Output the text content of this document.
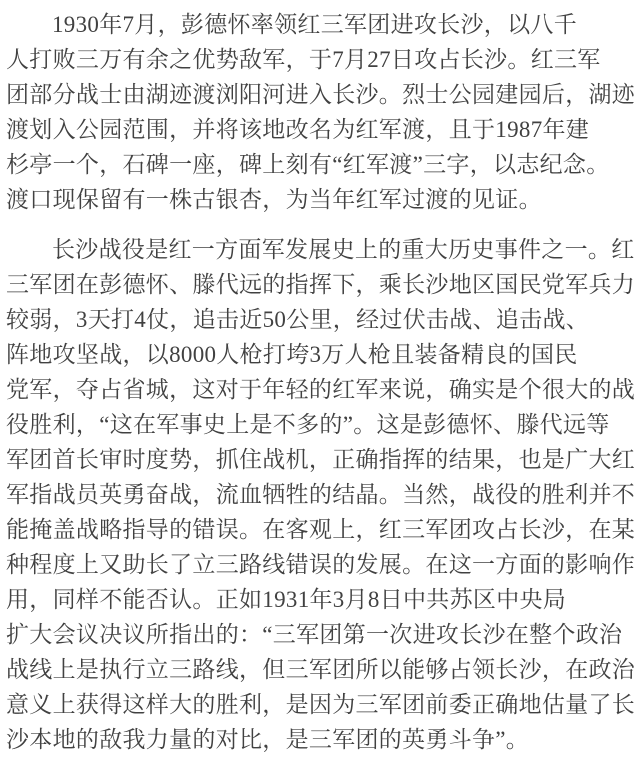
1930年7月，彭德怀率领红三军团进攻长沙，以八千
人打败三万有余之优势敌军，于7月27日攻占长沙。红三军
团部分战士由湖迹渡浏阳河进入长沙。烈士公园建园后，湖迹
渡划入公园范围，并将该地改名为红军渡，且于1987年建
杉亭一个，石碑一座，碑上刻有“红军渡”三字，以志纪念。
渡口现保留有一株古银杏，为当年红军过渡的见证。

长沙战役是红一方面军发展史上的重大历史事件之一。红
三军团在彭德怀、滕代远的指挥下，乘长沙地区国民党军兵力
较弱，3天打4仗，追击近50公里，经过伏击战、追击战、
阵地攻坚战，以8000人枪打垮3万人枪且装备精良的国民
党军，夺占省城，这对于年轻的红军来说，确实是个很大的战
役胜利，“这在军事史上是不多的”。这是彭德怀、滕代远等
军团首长审时度势，抓住战机，正确指挥的结果，也是广大红
军指战员英勇奋战，流血牺牲的结晶。当然，战役的胜利并不
能掩盖战略指导的错误。在客观上，红三军团攻占长沙，在某
种程度上又助长了立三路线错误的发展。在这一方面的影响作
用，同样不能否认。正如1931年3月8日中共苏区中央局
扩大会议决议所指出的：“三军团第一次进攻长沙在整个政治
战线上是执行立三路线，但三军团所以能够占领长沙，在政治
意义上获得这样大的胜利，是因为三军团前委正确地估量了长
沙本地的敌我力量的对比，是三军团的英勇斗争”。
